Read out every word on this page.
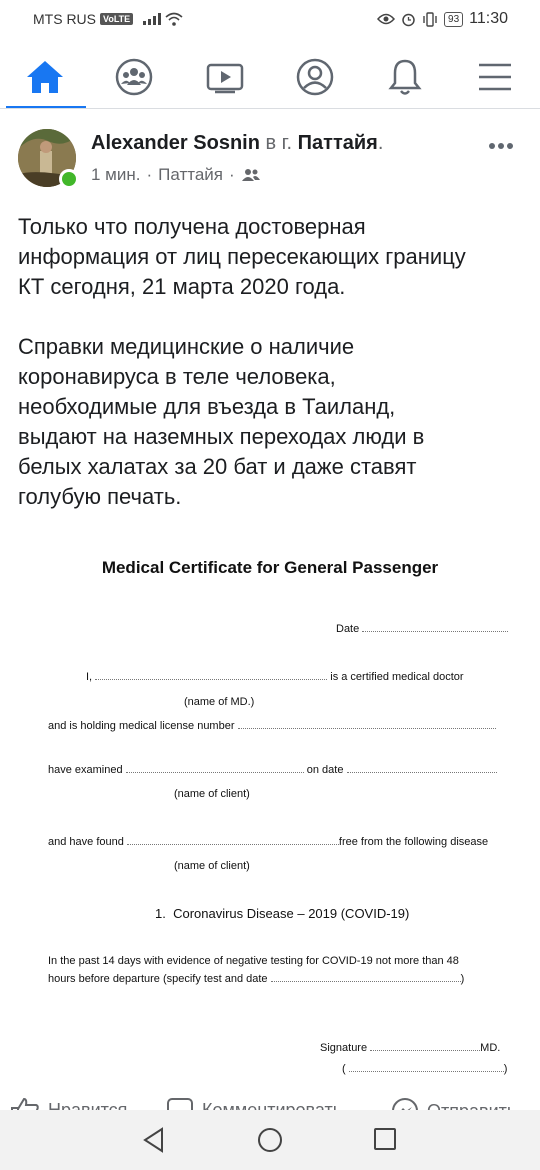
MTS RUS VoLTE	93 11:30
Alexander Sosnin в г. Паттайя.
1 мин. · Паттайя ·

Только что получена достоверная
информация от лиц пересекающих границу
КТ сегодня, 21 марта 2020 года.

Справки медицинские о наличие
коронавируса в теле человека,
необходимые для въезда в Таиланд,
выдают на наземных переходах люди в
белых халатах за 20 бат и даже ставят
голубую печать.

Medical Certificate for General Passenger
Date
I,	is a certified medical doctor
(name of MD.)
and is holding medical license number
have examined	on date
(name of client)
and have found	free from the following disease
(name of client)
1. Coronavirus Disease – 2019 (COVID-19)
In the past 14 days with evidence of negative testing for COVID-19 not more than 48
hours before departure (specify test and date	)
Signature	MD.
(	)
